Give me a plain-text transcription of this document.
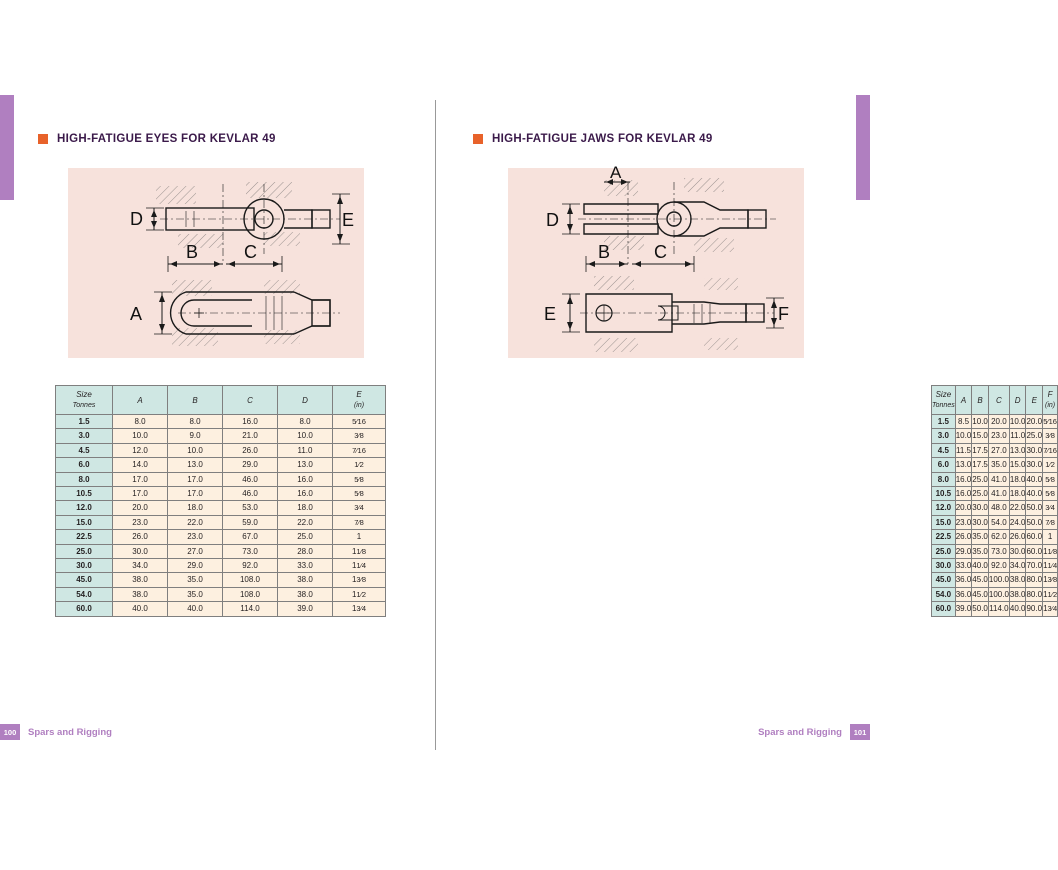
HIGH-FATIGUE EYES FOR KEVLAR 49
D	E
B	C
A
Size
Tonnes	A	B	C	D	E
(in)

1.5	8.0	8.0	16.0	8.0	5⁄16
3.0	10.0	9.0	21.0	10.0	3⁄8
4.5	12.0	10.0	26.0	11.0	7⁄16
6.0	14.0	13.0	29.0	13.0	1⁄2
8.0	17.0	17.0	46.0	16.0	5⁄8
10.5	17.0	17.0	46.0	16.0	5⁄8
12.0	20.0	18.0	53.0	18.0	3⁄4
15.0	23.0	22.0	59.0	22.0	7⁄8
22.5	26.0	23.0	67.0	25.0	1
25.0	30.0	27.0	73.0	28.0	11⁄8
30.0	34.0	29.0	92.0	33.0	11⁄4
45.0	38.0	35.0	108.0	38.0	13⁄8
54.0	38.0	35.0	108.0	38.0	11⁄2
60.0	40.0	40.0	114.0	39.0	13⁄4
100	Spars and Rigging
HIGH-FATIGUE JAWS FOR KEVLAR 49
A
D
B C
E	F
Size
Tonnes	A	B	C	D	E	F
(in)

1.5	8.5	10.0	20.0	10.0	20.0	5⁄16
3.0	10.0	15.0	23.0	11.0	25.0	3⁄8
4.5	11.5	17.5	27.0	13.0	30.0	7⁄16
6.0	13.0	17.5	35.0	15.0	30.0	1⁄2
8.0	16.0	25.0	41.0	18.0	40.0	5⁄8
10.5	16.0	25.0	41.0	18.0	40.0	5⁄8
12.0	20.0	30.0	48.0	22.0	50.0	3⁄4
15.0	23.0	30.0	54.0	24.0	50.0	7⁄8
22.5	26.0	35.0	62.0	26.0	60.0	1
25.0	29.0	35.0	73.0	30.0	60.0	11⁄8
30.0	33.0	40.0	92.0	34.0	70.0	11⁄4
45.0	36.0	45.0	100.0	38.0	80.0	13⁄8
54.0	36.0	45.0	100.0	38.0	80.0	11⁄2
60.0	39.0	50.0	114.0	40.0	90.0	13⁄4
Spars and Rigging	101
